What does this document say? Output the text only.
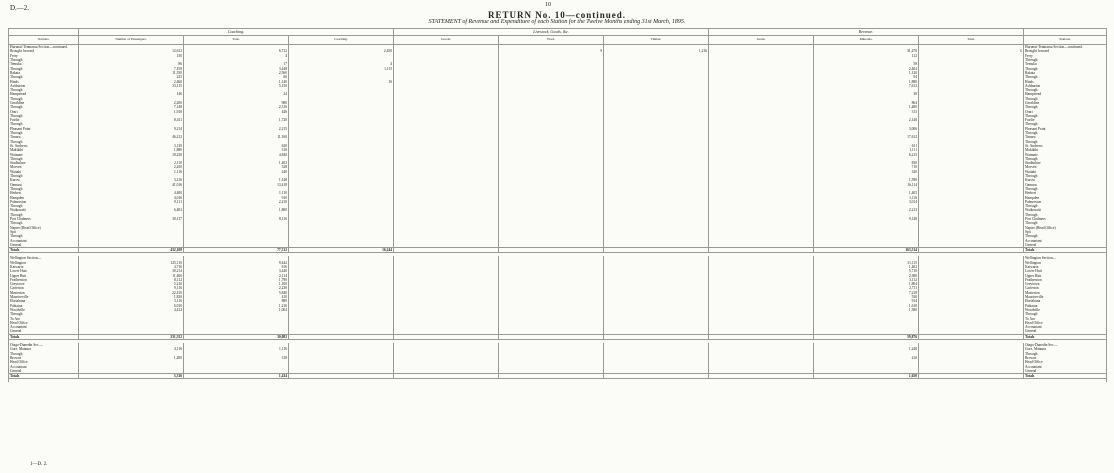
D.—2.	10
RETURN No. 10—continued.
STATEMENT of Revenue and Expenditure of each Station for the Twelve Months ending 31st March, 1895.
	Coaching.			Livestock, Goods, &c.			Revenue.			
Stations.	Number of Passengers.	Tons.	Coaching.	Goods.	Wool.	Timber.	Grain.	Minerals.	Total.	Stations.
Hurunui-Tenmarua Section—continued.										Hurunui-Tenmarua Section—continued.
Brought forward	12,612	6,712	2,450		9	1,216		31,470	£	Brought forward
Ferry	150	4						112		Ferry
Through										Through
Temuka	86	17	4					58		Temuka
Through	7,158	3,448	1,115					2,404		Through
Rakaia	11,350	2,560						1,120		Rakaia
Through	225	66						94		Through
Hinds	2,460	1,140	16					1,880		Hinds
Ashburton	33,115	5,150						7,612		Ashburton
Through										Through
Hampstead	146	24						38		Hampstead
Through										Through
Geraldine	2,200	980						864		Geraldine
Through	7,148	2,316						1,480		Through
Orari	1,910	446						315		Orari
Through										Through
Fairlie	8,411	1,720						2,140		Fairlie
Through										Through
Pleasant Point	9,214	2,215						3,006		Pleasant Point
Through										Through
Timaru	46,212	11,160						17,612		Timaru
Through										Through
St. Andrews	3,130	620						611		St. Andrews
Makikihi	1,880	310						1,111		Makikihi
Waimate	18,230	4,840						6,215		Waimate
Through										Through
Studholme	2,110	1,402						830		Studholme
Morven	2,450	528						710		Morven
Waitaki	1,116	240						320		Waitaki
Through										Through
Kurow	3,216	1,148						1,590		Kurow
Oamaru	41,016	13,418						16,114		Oamaru
Through										Through
Herbert	4,400	1,110						1,405		Herbert
Hampden	4,016	910						1,116		Hampden
Palmerston	9,111	2,210						3,014		Palmerston
Through										Through
Waikouaiti	6,402	1,800						2,213		Waikouaiti
Through										Through
Port Chalmers	30,117	8,116						9,148		Port Chalmers
Through										Through
Napier (Head Office)										Napier (Head Office)
Spit										Spit
Through										Through
Accountant										Accountant
General										General
Totals	432,108	77,512	16,244					163,514		Totals

Wellington Section—										Wellington Section—
Wellington	125,110	9,442						31,115		Wellington
Kaiwarra	4,716	616						1,402		Kaiwarra
Lower Hutt	30,214	3,440						5,710		Lower Hutt
Upper Hutt	11,406	2,114						2,380		Upper Hutt
Featherston	8,112	1,790						3,112		Featherston
Greytown	5,210	1,100						1,804		Greytown
Carterton	9,116	2,230						2,711		Carterton
Masterton	22,410	5,840						7,218		Masterton
Mauriceville	1,820	410						520		Mauriceville
Eketahuna	3,116	880						914		Eketahuna
Pahiatua	6,010	1,216						1,610		Pahiatua
Woodville	4,412	1,004						1,380		Woodville
Through										Through
To Aro										To Aro
Head Office										Head Office
Accountant										Accountant
General										General
Totals	231,552	30,082						59,876		Totals

Otago-Dunedin Sec.—										Otago-Dunedin Sec.—
Gore, Mataura	4,116	1,116						1,240		Gore, Mataura
Through										Through
Browns	1,200	318						410		Browns
Head Office										Head Office
Accountant										Accountant
General										General
Totals	5,316	1,434						1,650		Totals

1—D. 2.
